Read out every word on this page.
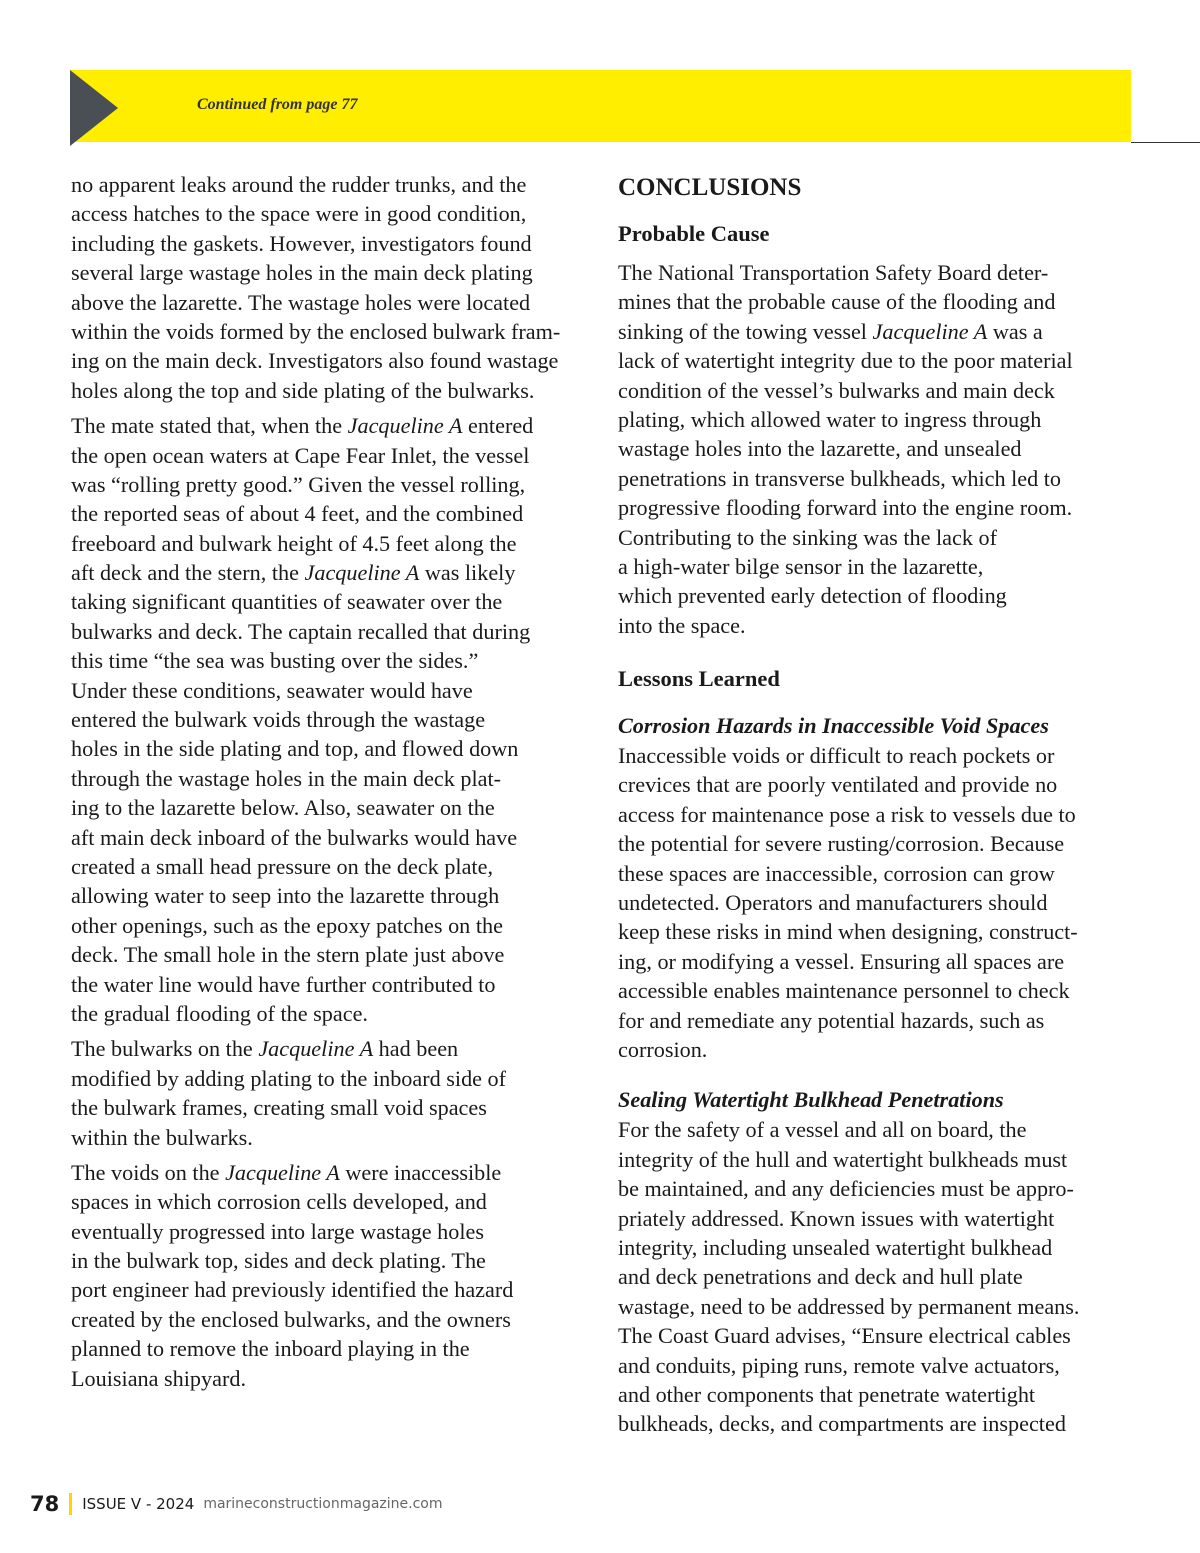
Continued from page 77
no apparent leaks around the rudder trunks, and the
access hatches to the space were in good condition,
including the gaskets. However, investigators found
several large wastage holes in the main deck plating
above the lazarette. The wastage holes were located
within the voids formed by the enclosed bulwark fram-
ing on the main deck. Investigators also found wastage
holes along the top and side plating of the bulwarks.
The mate stated that, when the Jacqueline A entered
the open ocean waters at Cape Fear Inlet, the vessel
was “rolling pretty good.” Given the vessel rolling,
the reported seas of about 4 feet, and the combined
freeboard and bulwark height of 4.5 feet along the
aft deck and the stern, the Jacqueline A was likely
taking significant quantities of seawater over the
bulwarks and deck. The captain recalled that during
this time “the sea was busting over the sides.”
Under these conditions, seawater would have
entered the bulwark voids through the wastage
holes in the side plating and top, and flowed down
through the wastage holes in the main deck plat-
ing to the lazarette below. Also, seawater on the
aft main deck inboard of the bulwarks would have
created a small head pressure on the deck plate,
allowing water to seep into the lazarette through
other openings, such as the epoxy patches on the
deck. The small hole in the stern plate just above
the water line would have further contributed to
the gradual flooding of the space.
The bulwarks on the Jacqueline A had been
modified by adding plating to the inboard side of
the bulwark frames, creating small void spaces
within the bulwarks.
The voids on the Jacqueline A were inaccessible
spaces in which corrosion cells developed, and
eventually progressed into large wastage holes
in the bulwark top, sides and deck plating. The
port engineer had previously identified the hazard
created by the enclosed bulwarks, and the owners
planned to remove the inboard playing in the
Louisiana shipyard.
CONCLUSIONS
Probable Cause
The National Transportation Safety Board deter-
mines that the probable cause of the flooding and
sinking of the towing vessel Jacqueline A was a
lack of watertight integrity due to the poor material
condition of the vessel’s bulwarks and main deck
plating, which allowed water to ingress through
wastage holes into the lazarette, and unsealed
penetrations in transverse bulkheads, which led to
progressive flooding forward into the engine room.
Contributing to the sinking was the lack of
a high-water bilge sensor in the lazarette,
which prevented early detection of flooding
into the space.
Lessons Learned
Corrosion Hazards in Inaccessible Void Spaces
Inaccessible voids or difficult to reach pockets or
crevices that are poorly ventilated and provide no
access for maintenance pose a risk to vessels due to
the potential for severe rusting/corrosion. Because
these spaces are inaccessible, corrosion can grow
undetected. Operators and manufacturers should
keep these risks in mind when designing, construct-
ing, or modifying a vessel. Ensuring all spaces are
accessible enables maintenance personnel to check
for and remediate any potential hazards, such as
corrosion.
Sealing Watertight Bulkhead Penetrations
For the safety of a vessel and all on board, the
integrity of the hull and watertight bulkheads must
be maintained, and any deficiencies must be appro-
priately addressed. Known issues with watertight
integrity, including unsealed watertight bulkhead
and deck penetrations and deck and hull plate
wastage, need to be addressed by permanent means.
The Coast Guard advises, “Ensure electrical cables
and conduits, piping runs, remote valve actuators,
and other components that penetrate watertight
bulkheads, decks, and compartments are inspected
78 ISSUE V - 2024 marineconstructionmagazine.com
